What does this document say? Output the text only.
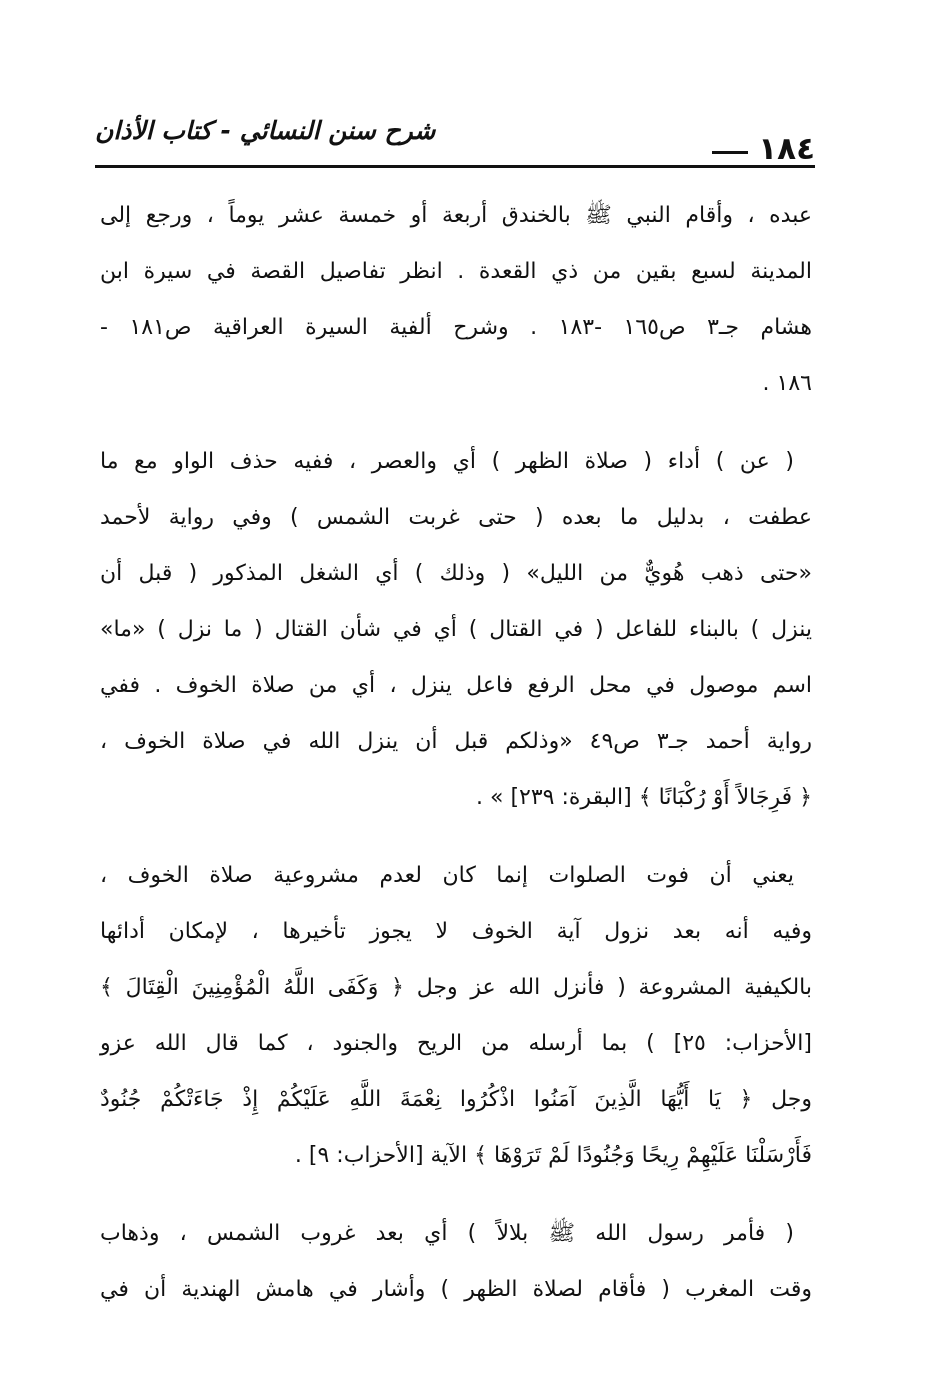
١٨٤
شرح سنن النسائي - كتاب الأذان
عبده ، وأقام النبي ﷺ بالخندق أربعة أو خمسة عشر يوماً ، ورجع إلى
المدينة لسبع بقين من ذي القعدة . انظر تفاصيل القصة في سيرة ابن
هشام جـ٣ ص١٦٥ -١٨٣ . وشرح ألفية السيرة العراقية ص١٨١ -
١٨٦ .
( عن ) أداء ( صلاة الظهر ) أي والعصر ، ففيه حذف الواو مع ما
عطفت ، بدليل ما بعده ( حتى غربت الشمس ) وفي رواية لأحمد
«حتى ذهب هُويٌّ من الليل» ( وذلك ) أي الشغل المذكور ( قبل أن
ينزل ) بالبناء للفاعل ( في القتال ) أي في شأن القتال ( ما نزل ) «ما»
اسم موصول في محل الرفع فاعل ينزل ، أي من صلاة الخوف . ففي
رواية أحمد جـ٣ ص٤٩ «وذلكم قبل أن ينزل الله في صلاة الخوف ،
﴿ فَرِجَالاً أَوْ رُكْبَانًا ﴾ [البقرة: ٢٣٩] » .
يعني أن فوت الصلوات إنما كان لعدم مشروعية صلاة الخوف ،
وفيه أنه بعد نزول آية الخوف لا يجوز تأخيرها ، لإمكان أدائها
بالكيفية المشروعة ( فأنزل الله عز وجل ﴿ وَكَفَى اللَّهُ الْمُؤْمِنِينَ الْقِتَالَ ﴾
[الأحزاب: ٢٥] ) بما أرسله من الريح والجنود ، كما قال الله عزو
وجل ﴿ يَا أَيُّهَا الَّذِينَ آمَنُوا اذْكُرُوا نِعْمَةَ اللَّهِ عَلَيْكُمْ إِذْ جَاءَتْكُمْ جُنُودٌ
فَأَرْسَلْنَا عَلَيْهِمْ رِيحًا وَجُنُودًا لَمْ تَرَوْهَا ﴾ الآية [الأحزاب: ٩] .
( فأمر رسول الله ﷺ بلالاً ) أي بعد غروب الشمس ، وذهاب
وقت المغرب ( فأقام لصلاة الظهر ) وأشار في هامش الهندية أن في
